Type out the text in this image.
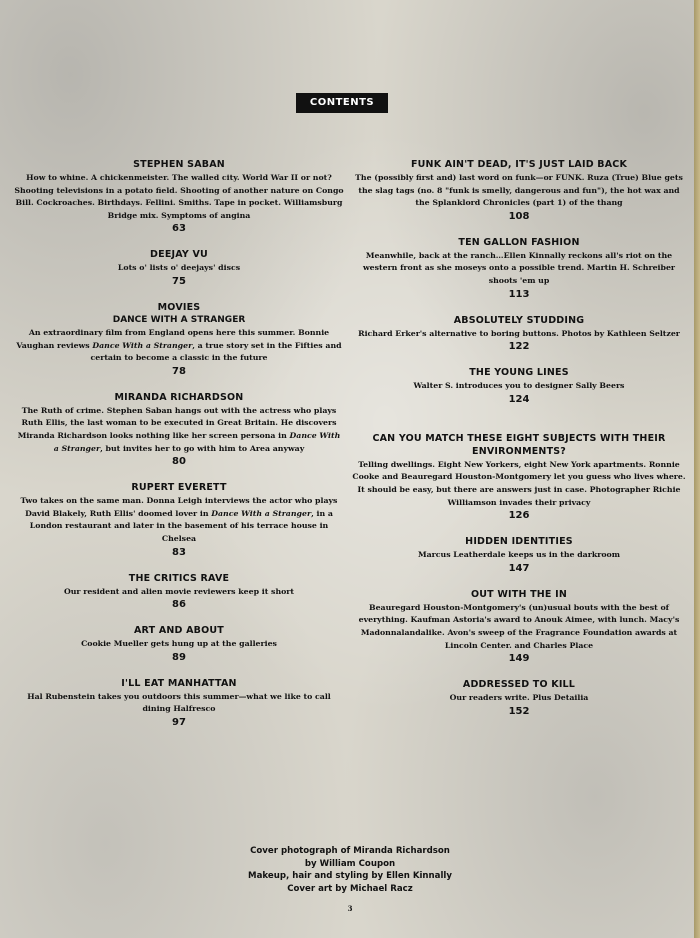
CONTENTS
STEPHEN SABAN
How to whine. A chickenmeister. The walled city. World War II or not? Shooting televisions in a potato field. Shooting of another nature on Congo Bill. Cockroaches. Birthdays. Fellini. Smiths. Tape in pocket. Williamsburg Bridge mix. Symptoms of angina
63
DEEJAY VU
Lots o' lists o' deejays' discs
75
MOVIES
DANCE WITH A STRANGER
An extraordinary film from England opens here this summer. Bonnie Vaughan reviews Dance With a Stranger, a true story set in the Fifties and certain to become a classic in the future
78
MIRANDA RICHARDSON
The Ruth of crime. Stephen Saban hangs out with the actress who plays Ruth Ellis, the last woman to be executed in Great Britain. He discovers Miranda Richardson looks nothing like her screen persona in Dance With a Stranger, but invites her to go with him to Area anyway
80
RUPERT EVERETT
Two takes on the same man. Donna Leigh interviews the actor who plays David Blakely, Ruth Ellis' doomed lover in Dance With a Stranger, in a London restaurant and later in the basement of his terrace house in Chelsea
83
THE CRITICS RAVE
Our resident and alien movie reviewers keep it short
86
ART AND ABOUT
Cookie Mueller gets hung up at the galleries
89
I'LL EAT MANHATTAN
Hal Rubenstein takes you outdoors this summer—what we like to call dining Halfresco
97
FUNK AIN'T DEAD, IT'S JUST LAID BACK
The (possibly first and) last word on funk—or FUNK. Ruza (True) Blue gets the slag tags (no. 8 "funk is smelly, dangerous and fun"), the hot wax and the Splanklord Chronicles (part 1) of the thang
108
TEN GALLON FASHION
Meanwhile, back at the ranch…Ellen Kinnally reckons all's riot on the western front as she moseys onto a possible trend. Martin H. Schreiber shoots 'em up
113
ABSOLUTELY STUDDING
Richard Erker's alternative to boring buttons. Photos by Kathleen Seltzer
122
THE YOUNG LINES
Walter S. introduces you to designer Sally Beers
124
CAN YOU MATCH THESE EIGHT SUBJECTS WITH THEIR ENVIRONMENTS?
Telling dwellings. Eight New Yorkers, eight New York apartments. Ronnie Cooke and Beauregard Houston-Montgomery let you guess who lives where. It should be easy, but there are answers just in case. Photographer Richie Williamson invades their privacy
126
HIDDEN IDENTITIES
Marcus Leatherdale keeps us in the darkroom
147
OUT WITH THE IN
Beauregard Houston-Montgomery's (un)usual bouts with the best of everything. Kaufman Astoria's award to Anouk Aimee, with lunch. Macy's Madonnalandalike. Avon's sweep of the Fragrance Foundation awards at Lincoln Center. and Charles Place
149
ADDRESSED TO KILL
Our readers write. Plus Detailia
152
Cover photograph of Miranda Richardson
by William Coupon
Makeup, hair and styling by Ellen Kinnally
Cover art by Michael Racz
3
